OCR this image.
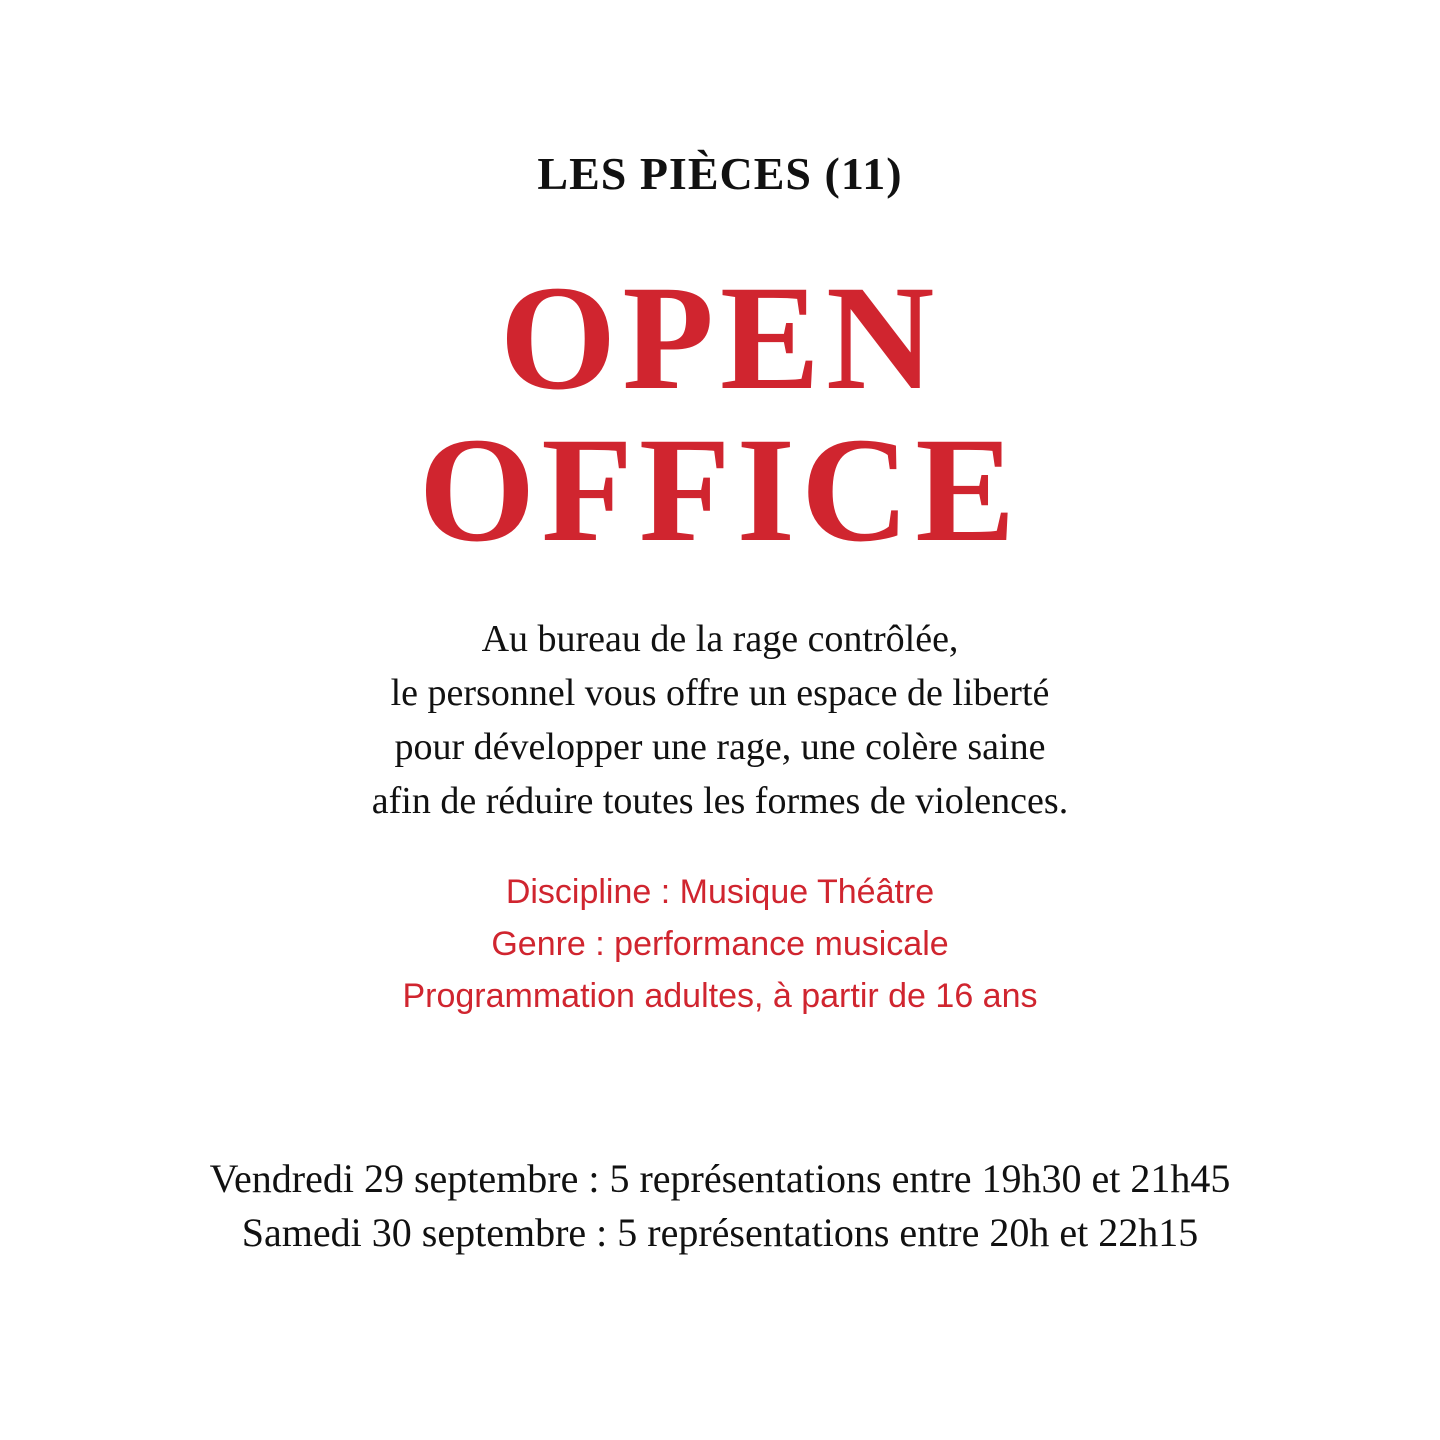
LES PIÈCES (11)
OPEN
OFFICE
Au bureau de la rage contrôlée,
le personnel vous offre un espace de liberté
pour développer une rage, une colère saine
afin de réduire toutes les formes de violences.
Discipline : Musique Théâtre
Genre : performance musicale
Programmation adultes, à partir de 16 ans
Vendredi 29 septembre : 5 représentations entre 19h30 et 21h45
Samedi 30 septembre : 5 représentations entre 20h et 22h15
